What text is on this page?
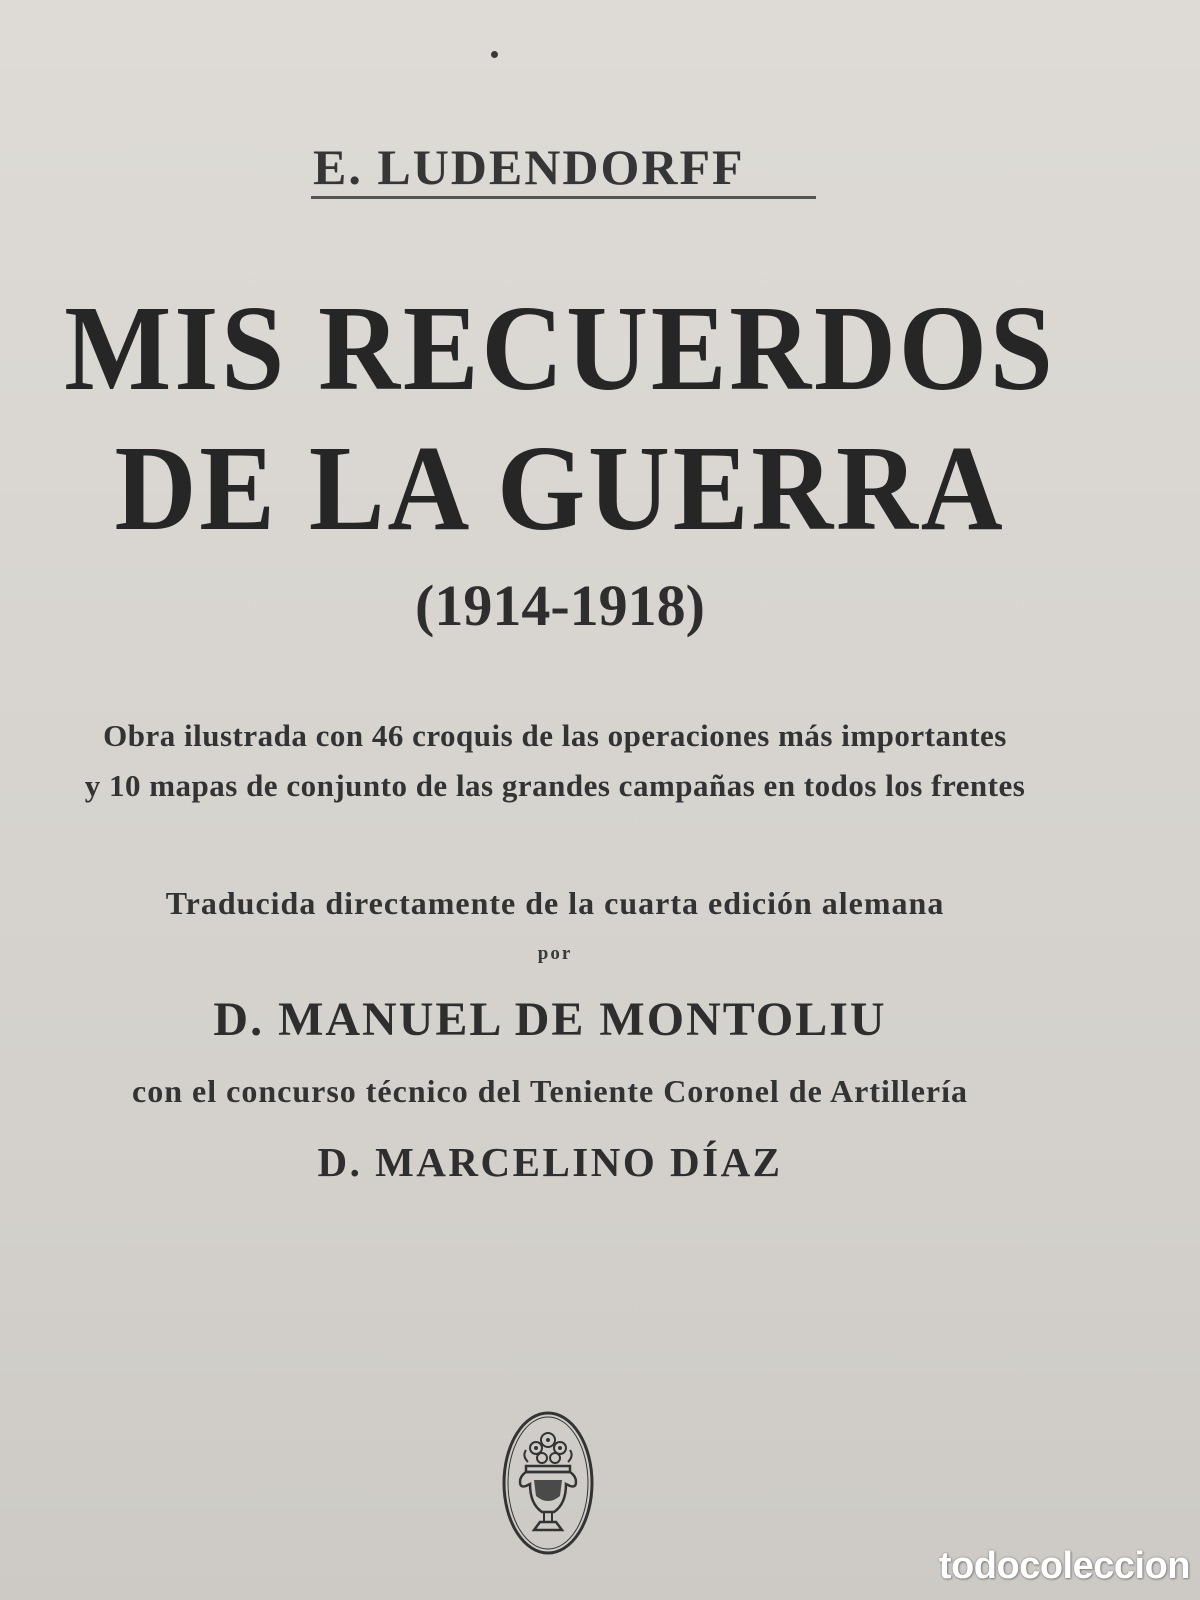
E. LUDENDORFF

MIS RECUERDOS
DE LA GUERRA

(1914-1918)

Obra ilustrada con 46 croquis de las operaciones más importantes

y 10 mapas de conjunto de las grandes campañas en todos los frentes

Traducida directamente de la cuarta edición alemana

por

D. MANUEL DE MONTOLIU

con el concurso técnico del Teniente Coronel de Artillería

D. MARCELINO DÍAZ

todocoleccion
